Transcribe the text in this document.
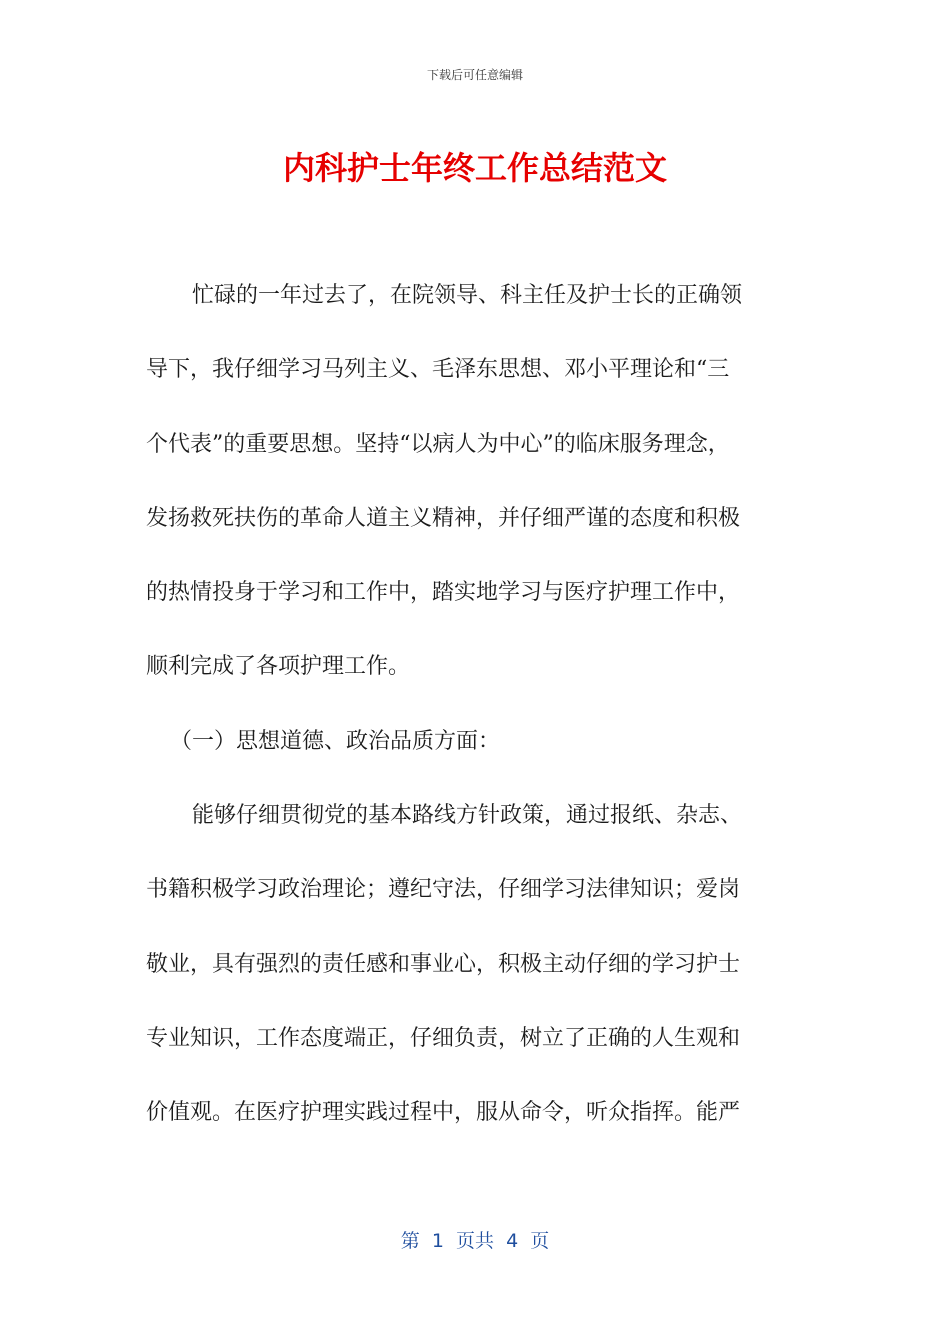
下载后可任意编辑
内科护士年终工作总结范文
忙碌的一年过去了，在院领导、科主任及护士长的正确领
导下，我仔细学习马列主义、毛泽东思想、邓小平理论和“三
个代表”的重要思想。坚持“以病人为中心”的临床服务理念，
发扬救死扶伤的革命人道主义精神，并仔细严谨的态度和积极
的热情投身于学习和工作中，踏实地学习与医疗护理工作中，
顺利完成了各项护理工作。
（一）思想道德、政治品质方面：
能够仔细贯彻党的基本路线方针政策，通过报纸、杂志、
书籍积极学习政治理论；遵纪守法，仔细学习法律知识；爱岗
敬业，具有强烈的责任感和事业心，积极主动仔细的学习护士
专业知识，工作态度端正，仔细负责，树立了正确的人生观和
价值观。在医疗护理实践过程中，服从命令，听众指挥。能严
第  1  页共  4  页
